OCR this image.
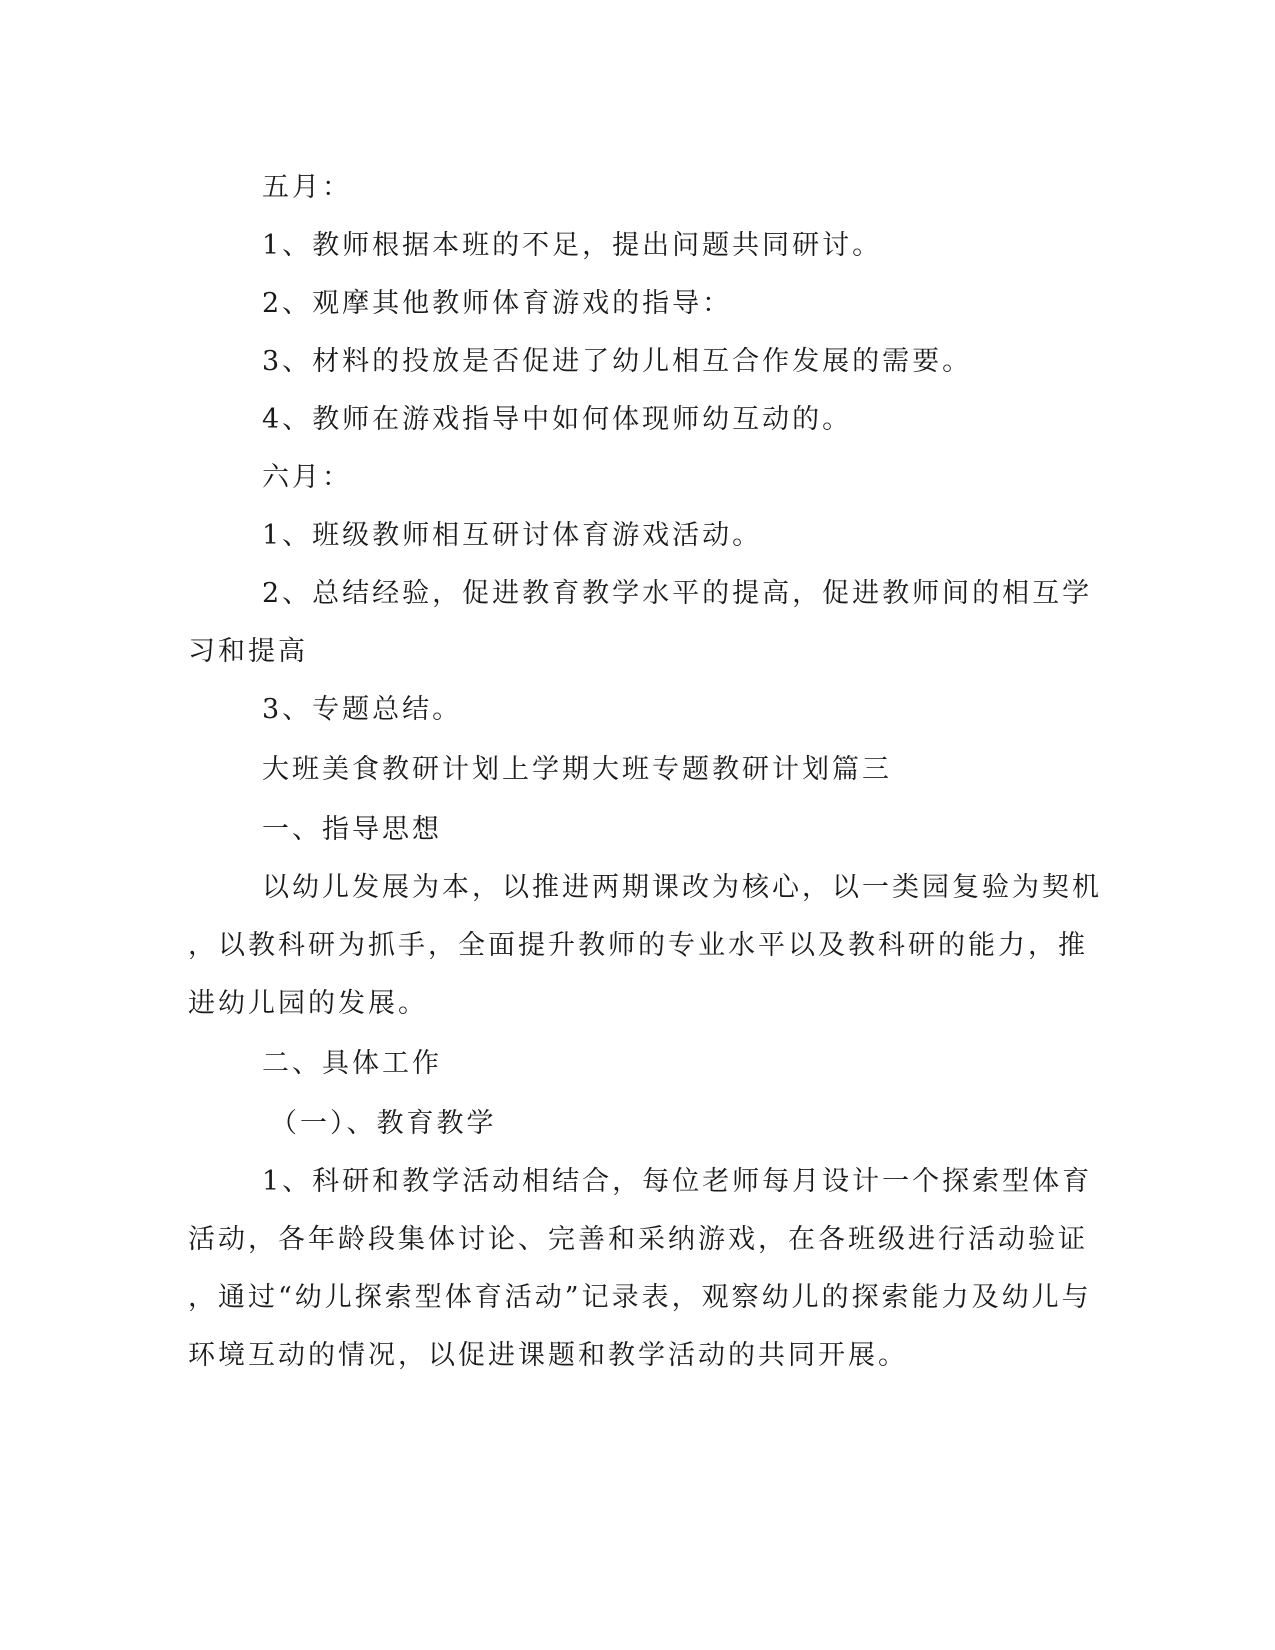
五月：
1、教师根据本班的不足，提出问题共同研讨。
2、观摩其他教师体育游戏的指导：
3、材料的投放是否促进了幼儿相互合作发展的需要。
4、教师在游戏指导中如何体现师幼互动的。
六月：
1、班级教师相互研讨体育游戏活动。
2、总结经验，促进教育教学水平的提高，促进教师间的相互学
习和提高
3、专题总结。
大班美食教研计划上学期大班专题教研计划篇三
一、指导思想
以幼儿发展为本，以推进两期课改为核心，以一类园复验为契机
，以教科研为抓手，全面提升教师的专业水平以及教科研的能力，推
进幼儿园的发展。
二、具体工作
（一）、教育教学
1、科研和教学活动相结合，每位老师每月设计一个探索型体育
活动，各年龄段集体讨论、完善和采纳游戏，在各班级进行活动验证
，通过“幼儿探索型体育活动”记录表，观察幼儿的探索能力及幼儿与
环境互动的情况，以促进课题和教学活动的共同开展。
